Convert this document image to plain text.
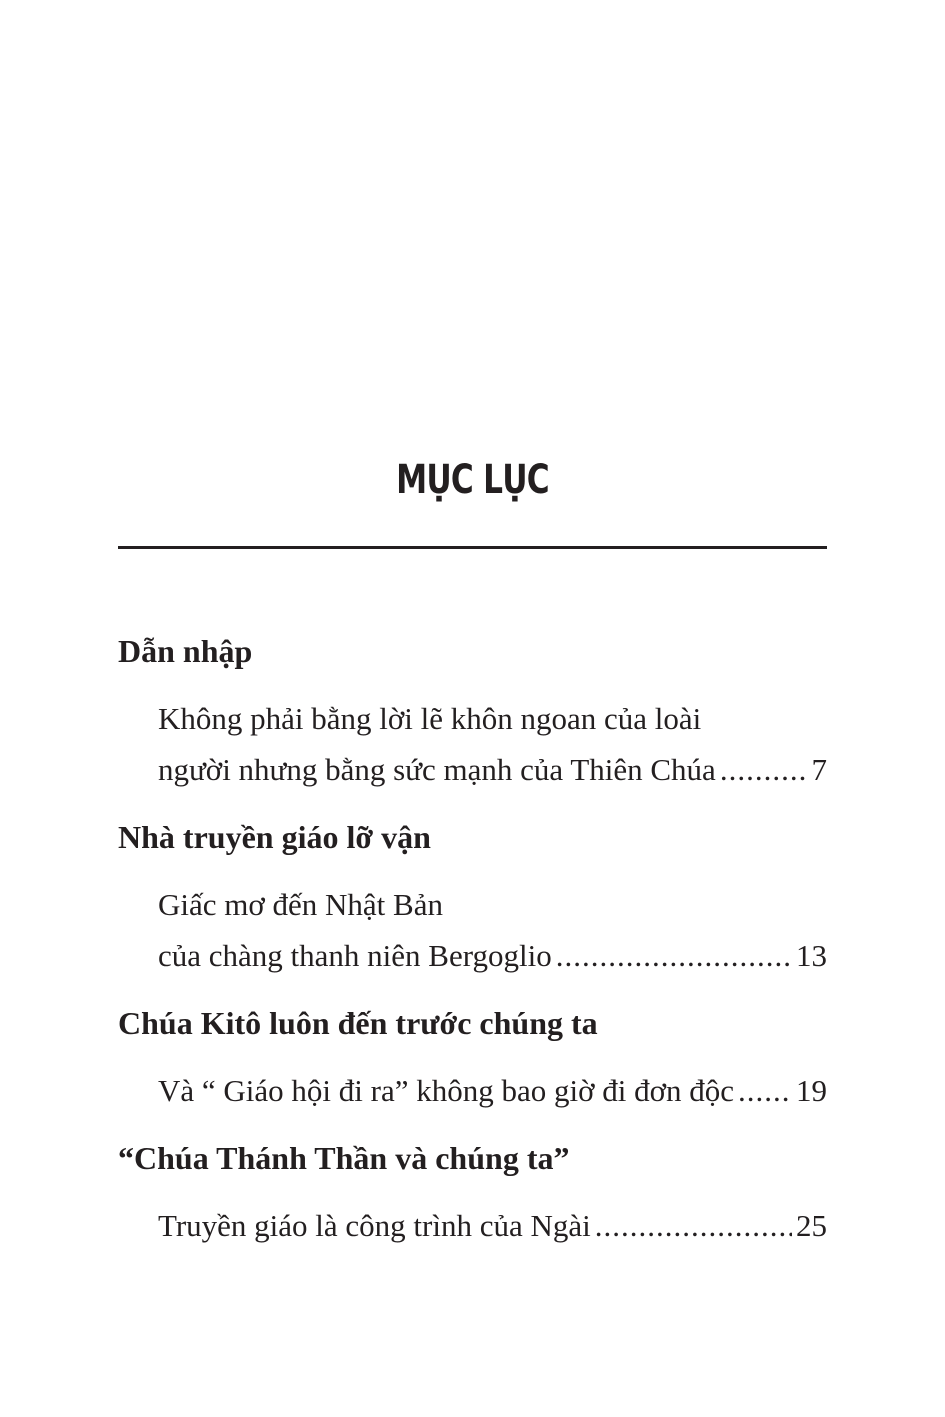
MỤC LỤC
Dẫn nhập
Không phải bằng lời lẽ khôn ngoan của loài
người nhưng bằng sức mạnh của Thiên Chúa .....	7
Nhà truyền giáo lỡ vận
Giấc mơ đến Nhật Bản
của chàng thanh niên Bergoglio .....	13
Chúa Kitô luôn đến trước chúng ta
Và “ Giáo hội đi ra” không bao giờ đi đơn độc ..... 19
“Chúa Thánh Thần và chúng ta”
Truyền giáo là công trình của Ngài .....	25
